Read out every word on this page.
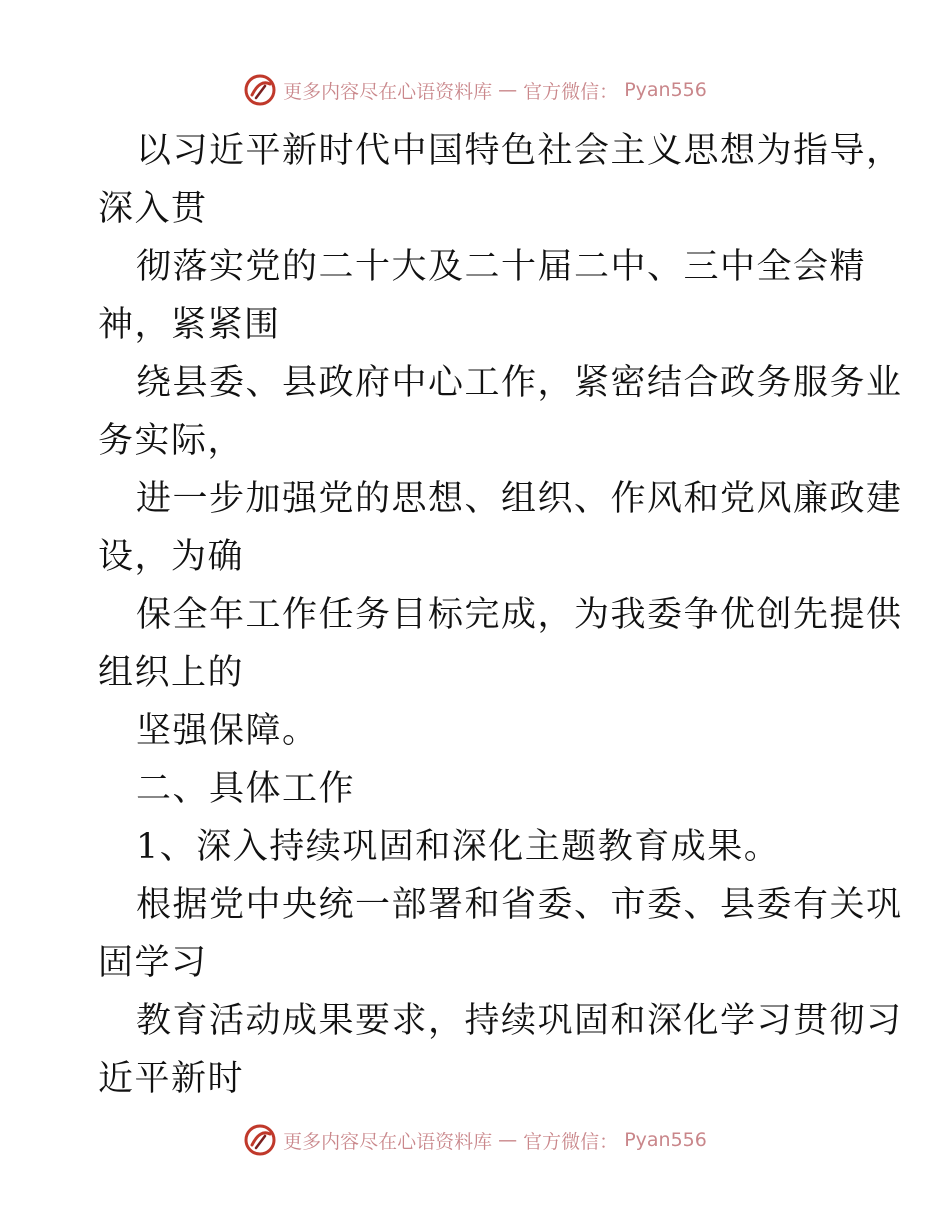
更多内容尽在心语资料库 — 官方微信： Pyan556
以习近平新时代中国特色社会主义思想为指导，
深入贯
彻落实党的二十大及二十届二中、三中全会精
神，紧紧围
绕县委、县政府中心工作，紧密结合政务服务业
务实际，
进一步加强党的思想、组织、作风和党风廉政建
设，为确
保全年工作任务目标完成，为我委争优创先提供
组织上的
坚强保障。
二、具体工作
1、深入持续巩固和深化主题教育成果。
根据党中央统一部署和省委、市委、县委有关巩
固学习
教育活动成果要求，持续巩固和深化学习贯彻习
近平新时
更多内容尽在心语资料库 — 官方微信： Pyan556
